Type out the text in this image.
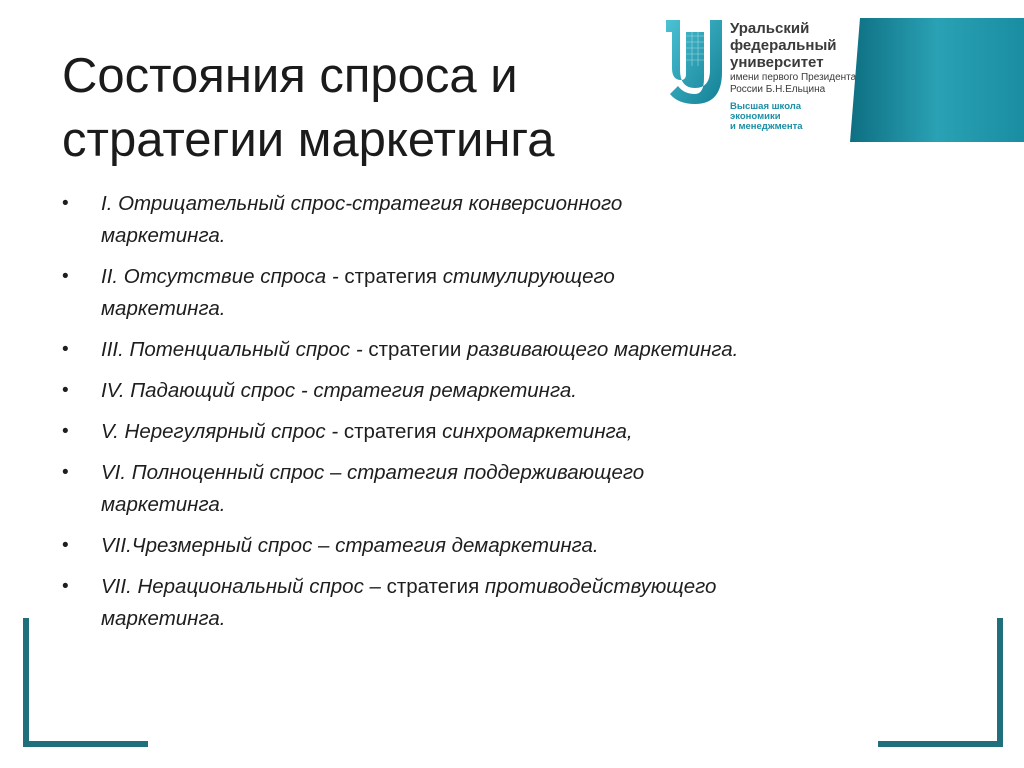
Состояния спроса и
стратегии маркетинга
Уральский
федеральный
университет
имени первого Президента
России Б.Н.Ельцина
Высшая школа
экономики
и менеджмента
• I. Отрицательный спрос-стратегия конверсионного
маркетинга.
• II. Отсутствие спроса - стратегия стимулирующего
маркетинга.
• III. Потенциальный спрос - стратегии развивающего маркетинга.
• IV. Падающий спрос - стратегия ремаркетинга.
• V. Нерегулярный спрос - стратегия синхромаркетинга,
• VI. Полноценный спрос – стратегия поддерживающего
маркетинга.
• VII.Чрезмерный спрос – стратегия демаркетинга.
• VII. Нерациональный спрос – стратегия противодействующего
маркетинга.
